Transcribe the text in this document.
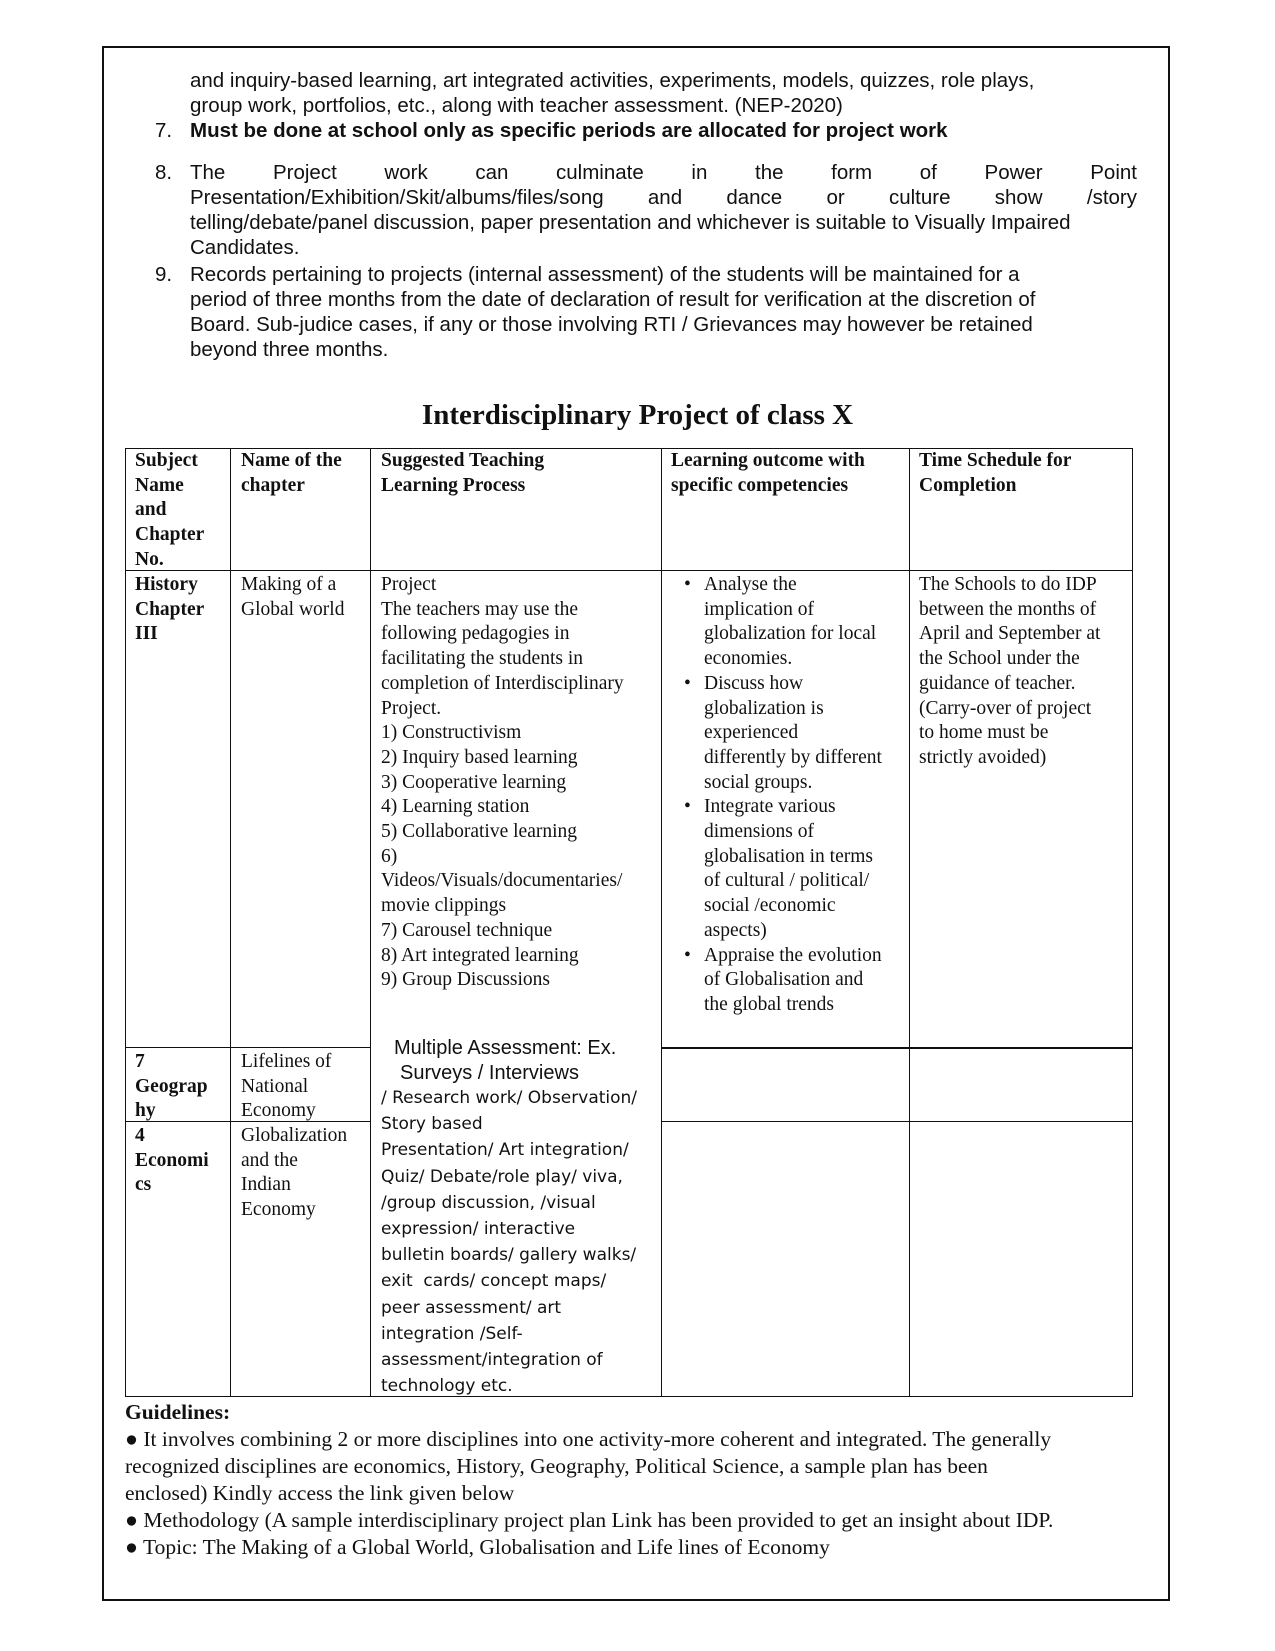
and inquiry-based learning, art integrated activities, experiments, models, quizzes, role plays,
group work, portfolios, etc., along with teacher assessment. (NEP-2020)
7. Must be done at school only as specific periods are allocated for project work
8. The Project work can culminate in the form of Power Point
Presentation/Exhibition/Skit/albums/files/song and dance or culture show /story
telling/debate/panel discussion, paper presentation and whichever is suitable to Visually Impaired
Candidates.
9. Records pertaining to projects (internal assessment) of the students will be maintained for a
period of three months from the date of declaration of result for verification at the discretion of
Board. Sub-judice cases, if any or those involving RTI / Grievances may however be retained
beyond three months.
Interdisciplinary Project of class X
Subject
Name
and
Chapter
No.
Name of the
chapter
Suggested Teaching
Learning Process
Learning outcome with
specific competencies
Time Schedule for
Completion
History
Chapter
III
Making of a
Global world
Project
The teachers may use the
following pedagogies in
facilitating the students in
completion of Interdisciplinary
Project.
1) Constructivism
2) Inquiry based learning
3) Cooperative learning
4) Learning station
5) Collaborative learning
6)
Videos/Visuals/documentaries/
movie clippings
7) Carousel technique
8) Art integrated learning
9) Group Discussions
• Analyse the
implication of
globalization for local
economies.
• Discuss how
globalization is
experienced
differently by different
social groups.
• Integrate various
dimensions of
globalisation in terms
of cultural / political/
social /economic
aspects)
• Appraise the evolution
of Globalisation and
the global trends
The Schools to do IDP
between the months of
April and September at
the School under the
guidance of teacher.
(Carry-over of project
to home must be
strictly avoided)
7
Geograp
hy
Lifelines of
National
Economy
4
Economi
cs
Globalization
and the
Indian
Economy
Multiple Assessment: Ex.
Surveys / Interviews
/ Research work/ Observation/
Story based
Presentation/ Art integration/
Quiz/ Debate/role play/ viva,
/group discussion, /visual
expression/ interactive
bulletin boards/ gallery walks/
exit  cards/ concept maps/
peer assessment/ art
integration /Self-
assessment/integration of
technology etc.
Guidelines:
● It involves combining 2 or more disciplines into one activity-more coherent and integrated. The generally
recognized disciplines are economics, History, Geography, Political Science, a sample plan has been
enclosed) Kindly access the link given below
● Methodology (A sample interdisciplinary project plan Link has been provided to get an insight about IDP.
● Topic: The Making of a Global World, Globalisation and Life lines of Economy
